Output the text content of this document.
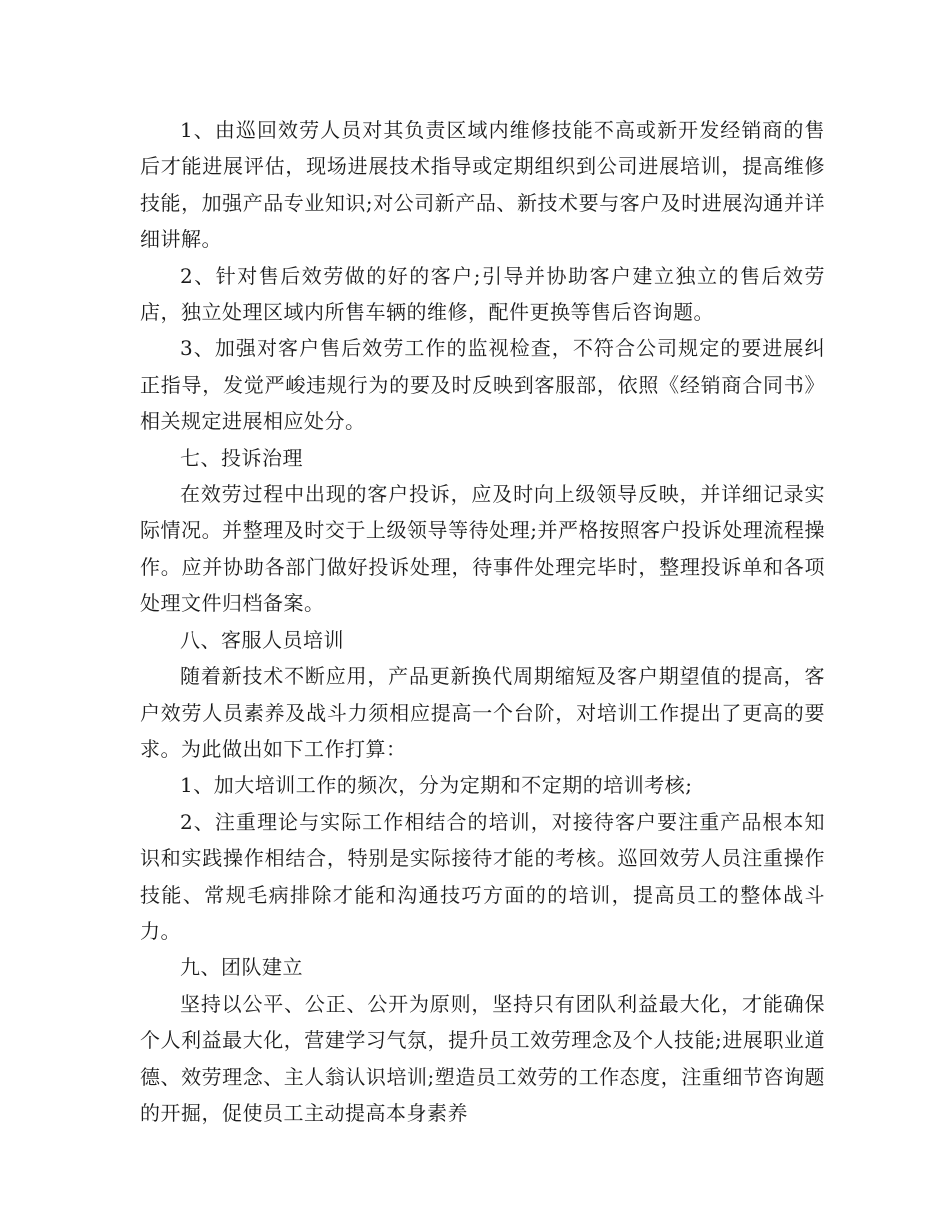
1、由巡回效劳人员对其负责区域内维修技能不高或新开发经销商的售后才能进展评估，现场进展技术指导或定期组织到公司进展培训，提高维修技能，加强产品专业知识;对公司新产品、新技术要与客户及时进展沟通并详细讲解。

2、针对售后效劳做的好的客户;引导并协助客户建立独立的售后效劳店，独立处理区域内所售车辆的维修，配件更换等售后咨询题。

3、加强对客户售后效劳工作的监视检查，不符合公司规定的要进展纠正指导，发觉严峻违规行为的要及时反映到客服部，依照《经销商合同书》相关规定进展相应处分。

七、投诉治理

在效劳过程中出现的客户投诉，应及时向上级领导反映，并详细记录实际情况。并整理及时交于上级领导等待处理;并严格按照客户投诉处理流程操作。应并协助各部门做好投诉处理，待事件处理完毕时，整理投诉单和各项处理文件归档备案。

八、客服人员培训

随着新技术不断应用，产品更新换代周期缩短及客户期望值的提高，客户效劳人员素养及战斗力须相应提高一个台阶，对培训工作提出了更高的要求。为此做出如下工作打算：

1、加大培训工作的频次，分为定期和不定期的培训考核;

2、注重理论与实际工作相结合的培训，对接待客户要注重产品根本知识和实践操作相结合，特别是实际接待才能的考核。巡回效劳人员注重操作技能、常规毛病排除才能和沟通技巧方面的的培训，提高员工的整体战斗力。

九、团队建立

坚持以公平、公正、公开为原则，坚持只有团队利益最大化，才能确保个人利益最大化，营建学习气氛，提升员工效劳理念及个人技能;进展职业道德、效劳理念、主人翁认识培训;塑造员工效劳的工作态度，注重细节咨询题的开掘，促使员工主动提高本身素养
